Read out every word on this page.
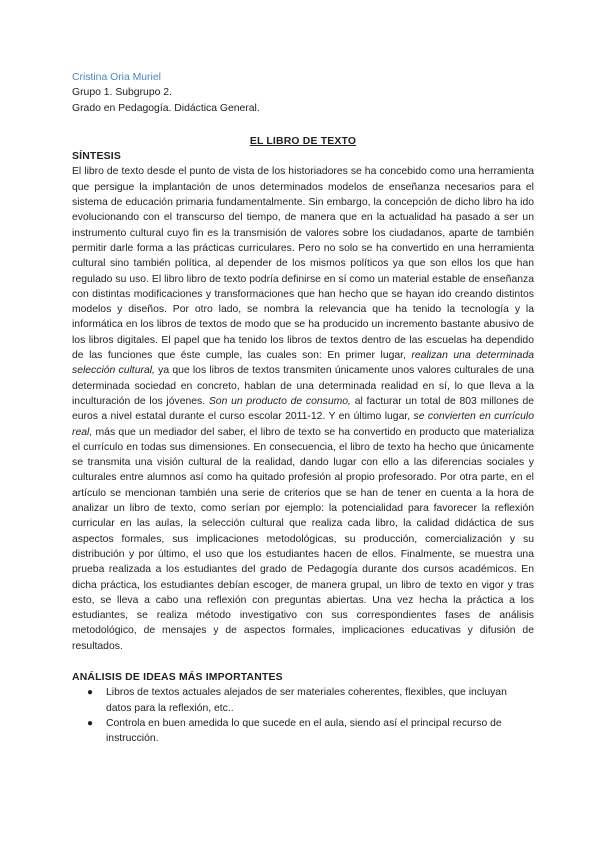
Cristina Oria Muriel
Grupo 1. Subgrupo 2.
Grado en Pedagogía. Didáctica General.
EL LIBRO DE TEXTO
SÍNTESIS
El libro de texto desde el punto de vista de los historiadores se ha concebido como una herramienta que persigue la implantación de unos determinados modelos de enseñanza necesarios para el sistema de educación primaria fundamentalmente. Sin embargo, la concepción de dicho libro ha ido evolucionando con el transcurso del tiempo, de manera que en la actualidad ha pasado a ser un instrumento cultural cuyo fin es la transmisión de valores sobre los ciudadanos, aparte de también permitir darle forma a las prácticas curriculares. Pero no solo se ha convertido en una herramienta cultural sino también política, al depender de los mismos políticos ya que son ellos los que han regulado su uso. El libro libro de texto podría definirse en sí como un material estable de enseñanza con distintas modificaciones y transformaciones que han hecho que se hayan ido creando distintos modelos y diseños. Por otro lado, se nombra la relevancia que ha tenido la tecnología y la informática en los libros de textos de modo que se ha producido un incremento bastante abusivo de los libros digitales. El papel que ha tenido los libros de textos dentro de las escuelas ha dependido de las funciones que éste cumple, las cuales son: En primer lugar, realizan una determinada selección cultural, ya que los libros de textos transmiten únicamente unos valores culturales de una determinada sociedad en concreto, hablan de una determinada realidad en sí, lo que lleva a la inculturación de los jóvenes. Son un producto de consumo, al facturar un total de 803 millones de euros a nivel estatal durante el curso escolar 2011-12. Y en último lugar, se convierten en currículo real, más que un mediador del saber, el libro de texto se ha convertido en producto que materializa el currículo en todas sus dimensiones. En consecuencia, el libro de texto ha hecho que únicamente se transmita una visión cultural de la realidad, dando lugar con ello a las diferencias sociales y culturales entre alumnos así como ha quitado profesión al propio profesorado. Por otra parte, en el artículo se mencionan también una serie de criterios que se han de tener en cuenta a la hora de analizar un libro de texto, como serían por ejemplo: la potencialidad para favorecer la reflexión curricular en las aulas, la selección cultural que realiza cada libro, la calidad didáctica de sus aspectos formales, sus implicaciones metodológicas, su producción, comercialización y su distribución y por último, el uso que los estudiantes hacen de ellos. Finalmente, se muestra una prueba realizada a los estudiantes del grado de Pedagogía durante dos cursos académicos. En dicha práctica, los estudiantes debían escoger, de manera grupal, un libro de texto en vigor y tras esto, se lleva a cabo una reflexión con preguntas abiertas. Una vez hecha la práctica a los estudiantes, se realiza método investigativo con sus correspondientes fases de análisis metodológico, de mensajes y de aspectos formales, implicaciones educativas y difusión de resultados.
ANÁLISIS DE IDEAS MÁS IMPORTANTES
● Libros de textos actuales alejados de ser materiales coherentes, flexibles, que incluyan datos para la reflexión, etc..
● Controla en buen amedida lo que sucede en el aula, siendo así el principal recurso de instrucción.
